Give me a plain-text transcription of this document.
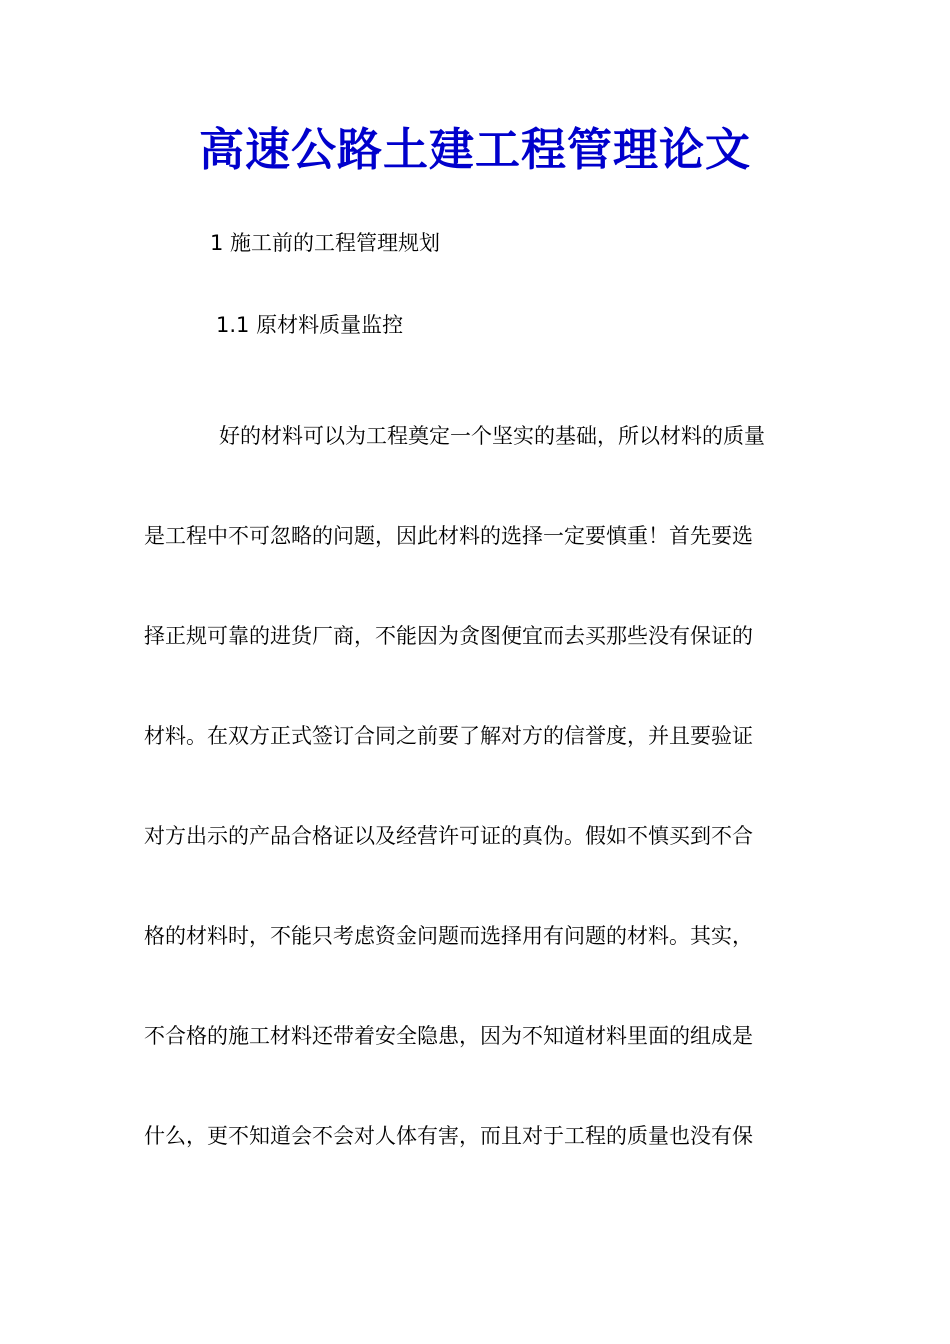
高速公路土建工程管理论文
1 施工前的工程管理规划
1.1 原材料质量监控
好的材料可以为工程奠定一个坚实的基础，所以材料的质量
是工程中不可忽略的问题，因此材料的选择一定要慎重！首先要选
择正规可靠的进货厂商，不能因为贪图便宜而去买那些没有保证的
材料。在双方正式签订合同之前要了解对方的信誉度，并且要验证
对方出示的产品合格证以及经营许可证的真伪。假如不慎买到不合
格的材料时，不能只考虑资金问题而选择用有问题的材料。其实，
不合格的施工材料还带着安全隐患，因为不知道材料里面的组成是
什么，更不知道会不会对人体有害，而且对于工程的质量也没有保
